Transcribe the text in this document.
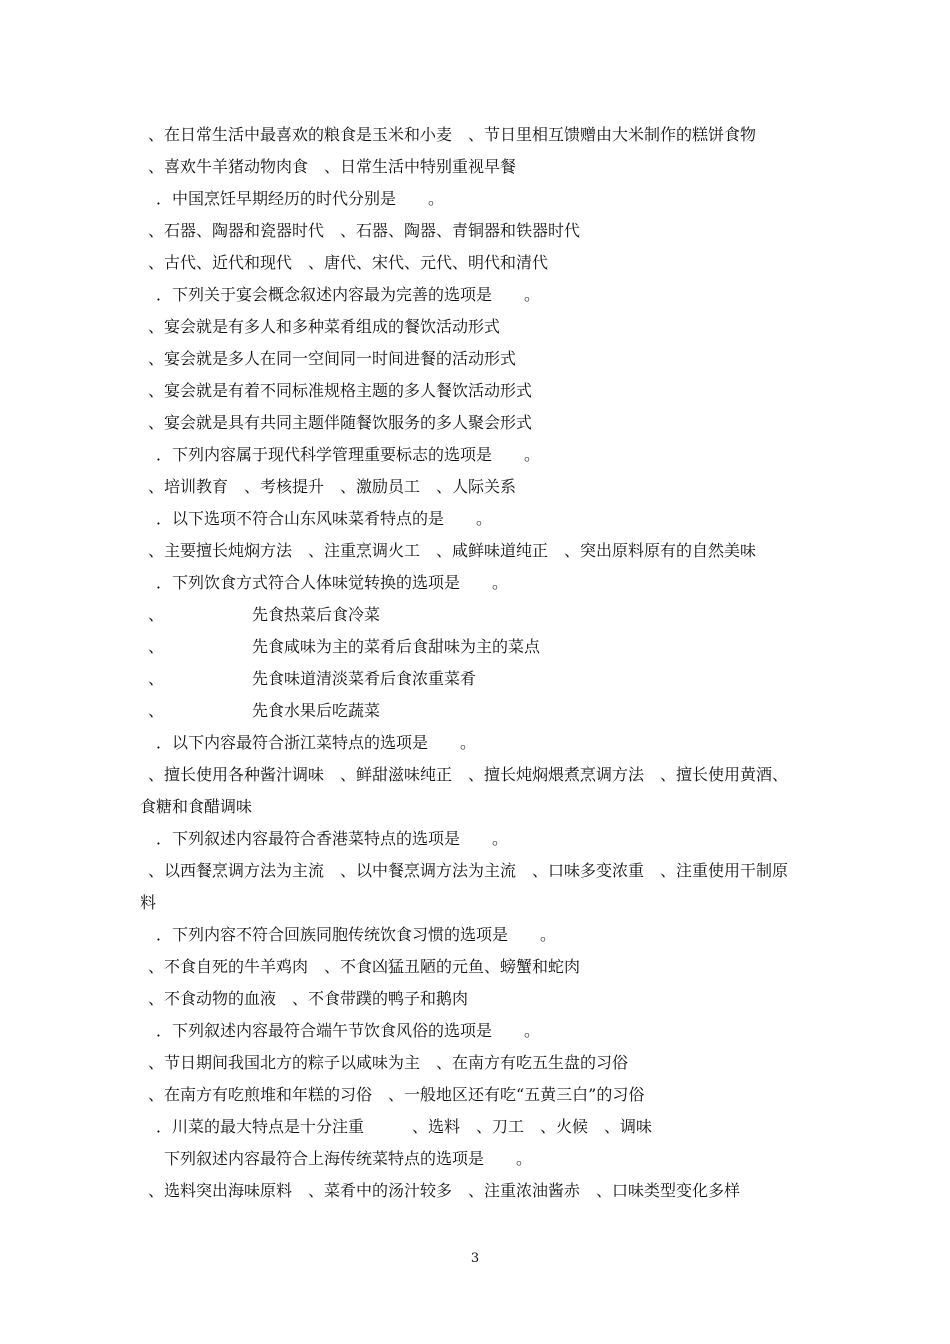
、在日常生活中最喜欢的粮食是玉米和小麦　、节日里相互馈赠由大米制作的糕饼食物
、喜欢牛羊猪动物肉食　、日常生活中特别重视早餐
．中国烹饪早期经历的时代分别是　　。
、石器、陶器和瓷器时代　、石器、陶器、青铜器和铁器时代
、古代、近代和现代　、唐代、宋代、元代、明代和清代
．下列关于宴会概念叙述内容最为完善的选项是　　。
、宴会就是有多人和多种菜肴组成的餐饮活动形式
、宴会就是多人在同一空间同一时间进餐的活动形式
、宴会就是有着不同标准规格主题的多人餐饮活动形式
、宴会就是具有共同主题伴随餐饮服务的多人聚会形式
．下列内容属于现代科学管理重要标志的选项是　　。
、培训教育　、考核提升　、激励员工　、人际关系
．以下选项不符合山东风味菜肴特点的是　　。
、主要擅长炖焖方法　、注重烹调火工　、咸鲜味道纯正　、突出原料原有的自然美味
．下列饮食方式符合人体味觉转换的选项是　　。
、　　　　　　先食热菜后食冷菜
、　　　　　　先食咸味为主的菜肴后食甜味为主的菜点
、　　　　　　先食味道清淡菜肴后食浓重菜肴
、　　　　　　先食水果后吃蔬菜
．以下内容最符合浙江菜特点的选项是　　。
、擅长使用各种酱汁调味　、鲜甜滋味纯正　、擅长炖焖煨煮烹调方法　、擅长使用黄酒、
食糖和食醋调味
．下列叙述内容最符合香港菜特点的选项是　　。
、以西餐烹调方法为主流　、以中餐烹调方法为主流　、口味多变浓重　、注重使用干制原
料
．下列内容不符合回族同胞传统饮食习惯的选项是　　。
、不食自死的牛羊鸡肉　、不食凶猛丑陋的元鱼、螃蟹和蛇肉
、不食动物的血液　、不食带蹼的鸭子和鹅肉
．下列叙述内容最符合端午节饮食风俗的选项是　　。
、节日期间我国北方的粽子以咸味为主　、在南方有吃五生盘的习俗
、在南方有吃煎堆和年糕的习俗　、一般地区还有吃“五黄三白”的习俗
．川菜的最大特点是十分注重　　　、选料　、刀工　、火候　、调味
下列叙述内容最符合上海传统菜特点的选项是　　。
、选料突出海味原料　、菜肴中的汤汁较多　、注重浓油酱赤　、口味类型变化多样
3
